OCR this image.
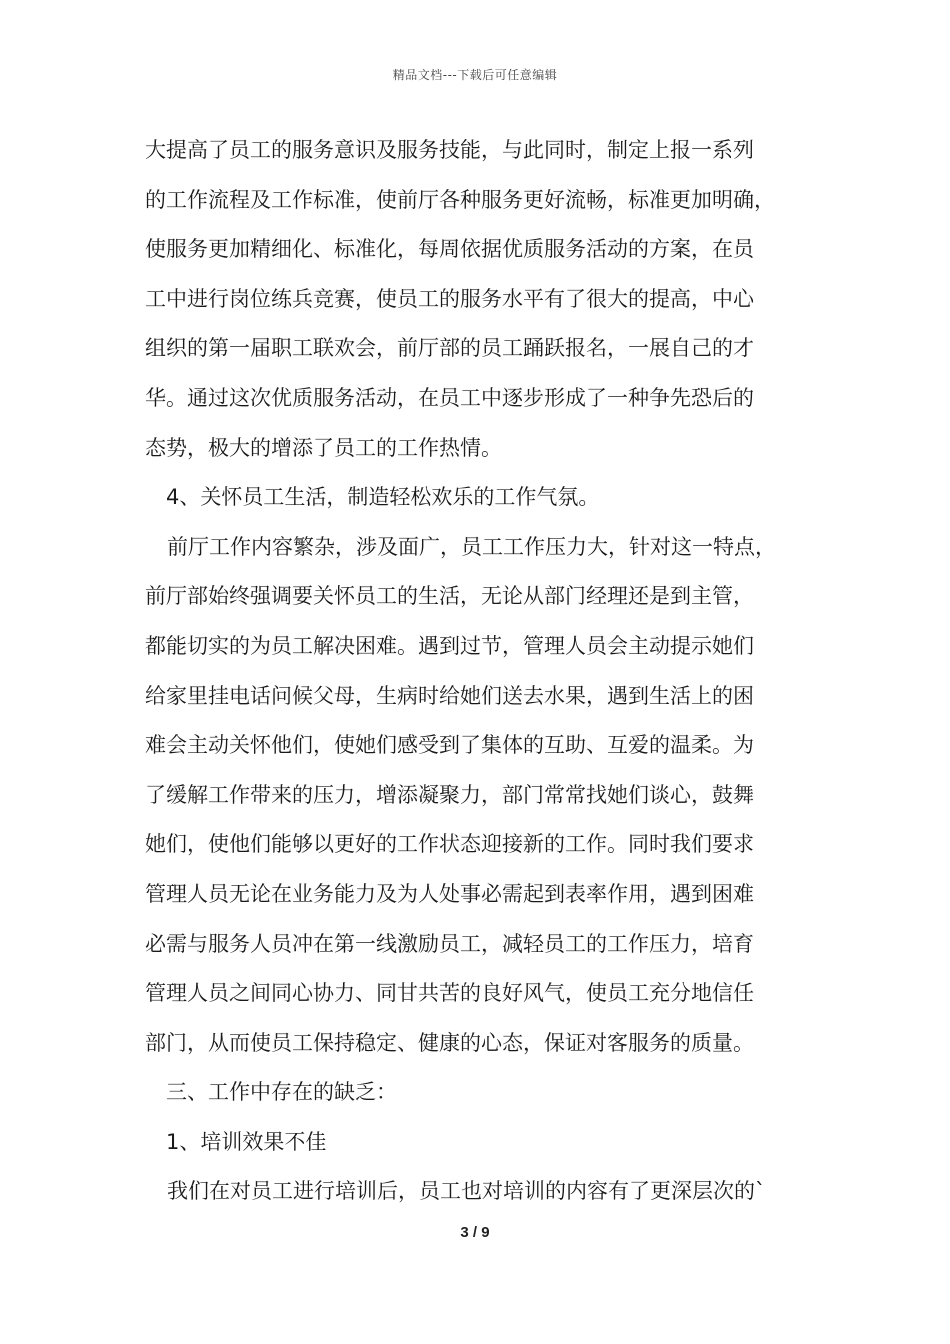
精品文档---下载后可任意编辑
大提高了员工的服务意识及服务技能，与此同时，制定上报一系列
的工作流程及工作标准，使前厅各种服务更好流畅，标准更加明确，
使服务更加精细化、标准化，每周依据优质服务活动的方案，在员
工中进行岗位练兵竞赛，使员工的服务水平有了很大的提高，中心
组织的第一届职工联欢会，前厅部的员工踊跃报名，一展自己的才
华。通过这次优质服务活动，在员工中逐步形成了一种争先恐后的
态势，极大的增添了员工的工作热情。
4、关怀员工生活，制造轻松欢乐的工作气氛。
前厅工作内容繁杂，涉及面广，员工工作压力大，针对这一特点，
前厅部始终强调要关怀员工的生活，无论从部门经理还是到主管，
都能切实的为员工解决困难。遇到过节，管理人员会主动提示她们
给家里挂电话问候父母，生病时给她们送去水果，遇到生活上的困
难会主动关怀他们，使她们感受到了集体的互助、互爱的温柔。为
了缓解工作带来的压力，增添凝聚力，部门常常找她们谈心，鼓舞
她们，使他们能够以更好的工作状态迎接新的工作。同时我们要求
管理人员无论在业务能力及为人处事必需起到表率作用，遇到困难
必需与服务人员冲在第一线激励员工，减轻员工的工作压力，培育
管理人员之间同心协力、同甘共苦的良好风气，使员工充分地信任
部门，从而使员工保持稳定、健康的心态，保证对客服务的质量。
三、工作中存在的缺乏：
1、培训效果不佳
我们在对员工进行培训后，员工也对培训的内容有了更深层次的`
3 / 9
